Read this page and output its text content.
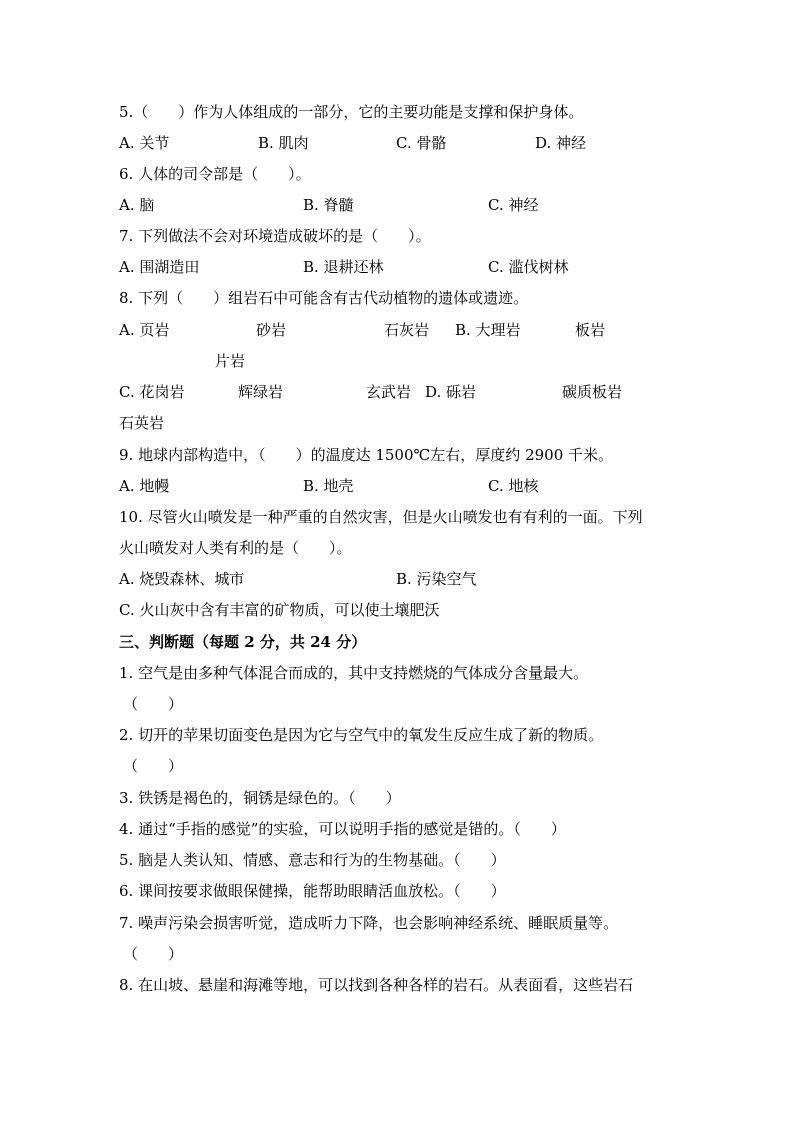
5.（　　）作为人体组成的一部分，它的主要功能是支撑和保护身体。
A. 关节	B. 肌肉	C. 骨骼	D. 神经
6. 人体的司令部是（　　）。
A. 脑	B. 脊髓	C. 神经
7. 下列做法不会对环境造成破坏的是（　　）。
A. 围湖造田	B. 退耕还林	C. 滥伐树林
8. 下列（　　）组岩石中可能含有古代动植物的遗体或遗迹。
A. 页岩	砂岩	石灰岩 B. 大理岩	板岩
片岩
C. 花岗岩	辉绿岩	玄武岩 D. 砾岩	碳质板岩
石英岩
9. 地球内部构造中，（　　）的温度达 1500℃左右，厚度约 2900 千米。
A. 地幔	B. 地壳	C. 地核
10. 尽管火山喷发是一种严重的自然灾害，但是火山喷发也有有利的一面。下列
火山喷发对人类有利的是（　　）。
A. 烧毁森林、城市	B. 污染空气
C. 火山灰中含有丰富的矿物质，可以使土壤肥沃
三、判断题（每题 2 分，共 24 分）
1. 空气是由多种气体混合而成的，其中支持燃烧的气体成分含量最大。
（　　）
2. 切开的苹果切面变色是因为它与空气中的氧发生反应生成了新的物质。
（　　）
3. 铁锈是褐色的，铜锈是绿色的。（　　）
4. 通过“手指的感觉”的实验，可以说明手指的感觉是错的。（　　）
5. 脑是人类认知、情感、意志和行为的生物基础。（　　）
6. 课间按要求做眼保健操，能帮助眼睛活血放松。（　　）
7. 噪声污染会损害听觉，造成听力下降，也会影响神经系统、睡眠质量等。
（　　）
8. 在山坡、悬崖和海滩等地，可以找到各种各样的岩石。从表面看，这些岩石
